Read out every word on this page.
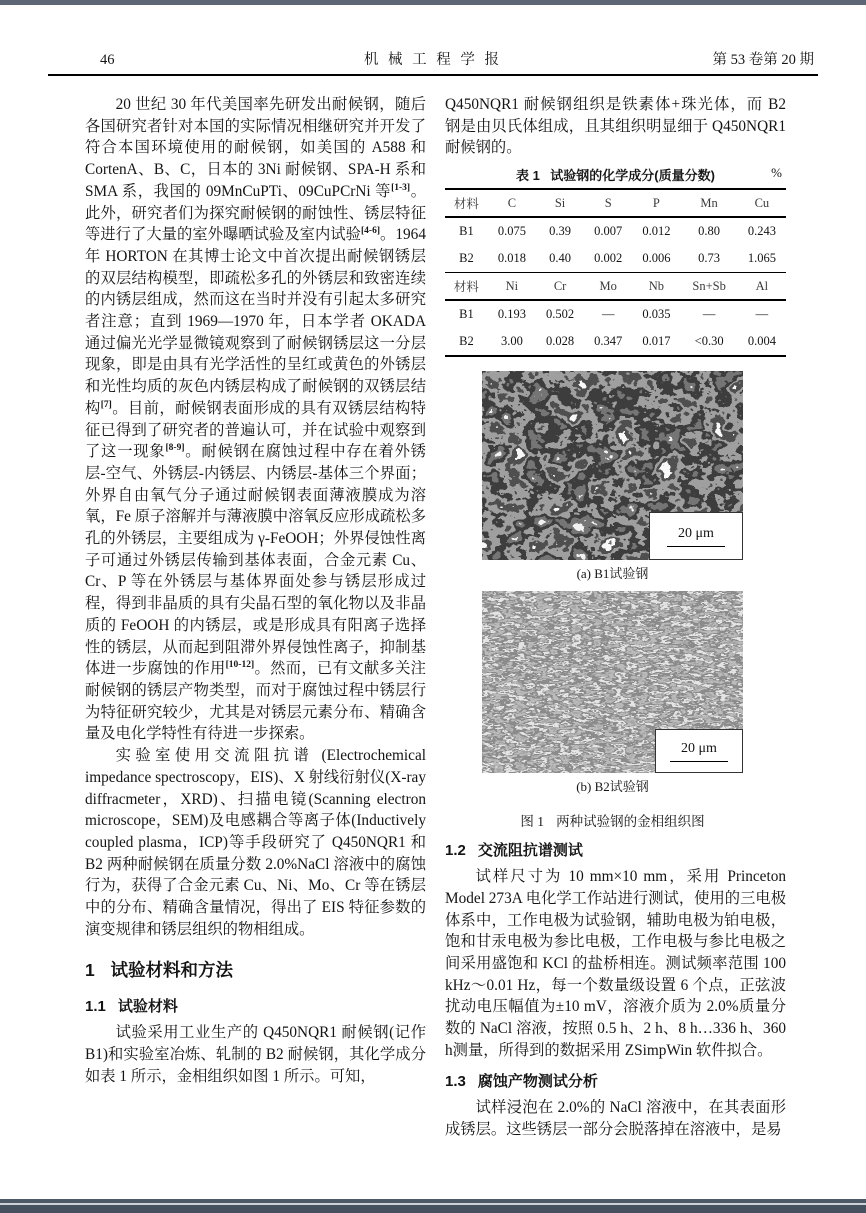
46	机 械 工 程 学 报	第 53 卷第 20 期

20 世纪 30 年代美国率先研发出耐候钢，随后各国研究者针对本国的实际情况相继研究并开发了符合本国环境使用的耐候钢，如美国的 A588 和 CortenA、B、C，日本的 3Ni 耐候钢、SPA-H 系和 SMA 系，我国的 09MnCuPTi、09CuPCrNi 等[1-3]。此外，研究者们为探究耐候钢的耐蚀性、锈层特征等进行了大量的室外曝晒试验及室内试验[4-6]。1964 年 HORTON 在其博士论文中首次提出耐候钢锈层的双层结构模型，即疏松多孔的外锈层和致密连续的内锈层组成，然而这在当时并没有引起太多研究者注意；直到 1969—1970 年，日本学者 OKADA 通过偏光光学显微镜观察到了耐候钢锈层这一分层现象，即是由具有光学活性的呈红或黄色的外锈层和光性均质的灰色内锈层构成了耐候钢的双锈层结构[7]。目前，耐候钢表面形成的具有双锈层结构特征已得到了研究者的普遍认可，并在试验中观察到了这一现象[8-9]。耐候钢在腐蚀过程中存在着外锈层-空气、外锈层-内锈层、内锈层-基体三个界面；外界自由氧气分子通过耐候钢表面薄液膜成为溶氧，Fe 原子溶解并与薄液膜中溶氧反应形成疏松多孔的外锈层，主要组成为 γ-FeOOH；外界侵蚀性离子可通过外锈层传输到基体表面，合金元素 Cu、Cr、P 等在外锈层与基体界面处参与锈层形成过程，得到非晶质的具有尖晶石型的氧化物以及非晶质的 FeOOH 的内锈层，或是形成具有阳离子选择性的锈层，从而起到阻滞外界侵蚀性离子，抑制基体进一步腐蚀的作用[10-12]。然而，已有文献多关注耐候钢的锈层产物类型，而对于腐蚀过程中锈层行为特征研究较少，尤其是对锈层元素分布、精确含量及电化学特性有待进一步探索。

实验室使用交流阻抗谱 (Electrochemical impedance spectroscopy，EIS)、X 射线衍射仪(X-ray diffracmeter，XRD)、扫描电镜(Scanning electron microscope，SEM)及电感耦合等离子体(Inductively coupled plasma，ICP)等手段研究了 Q450NQR1 和 B2 两种耐候钢在质量分数 2.0%NaCl 溶液中的腐蚀行为，获得了合金元素 Cu、Ni、Mo、Cr 等在锈层中的分布、精确含量情况，得出了 EIS 特征参数的演变规律和锈层组织的物相组成。

1 试验材料和方法
1.1 试验材料

试验采用工业生产的 Q450NQR1 耐候钢(记作 B1)和实验室冶炼、轧制的 B2 耐候钢，其化学成分如表 1 所示，金相组织如图 1 所示。可知，

Q450NQR1 耐候钢组织是铁素体+珠光体，而 B2 钢是由贝氏体组成，且其组织明显细于 Q450NQR1 耐候钢的。

表 1 试验钢的化学成分(质量分数)	%
材料	C	Si	S	P	Mn	Cu
B1	0.075	0.39	0.007	0.012	0.80	0.243
B2	0.018	0.40	0.002	0.006	0.73	1.065
材料	Ni	Cr	Mo	Nb	Sn+Sb	Al
B1	0.193	0.502	—	0.035	—	—
B2	3.00	0.028	0.347	0.017	<0.30	0.004
20 μm
(a) B1试验钢
20 μm
(b) B2试验钢
图 1 两种试验钢的金相组织图
1.2 交流阻抗谱测试

试样尺寸为 10 mm×10 mm，采用 Princeton Model 273A 电化学工作站进行测试，使用的三电极体系中，工作电极为试验钢，辅助电极为铂电极，饱和甘汞电极为参比电极，工作电极与参比电极之间采用盛饱和 KCl 的盐桥相连。测试频率范围 100 kHz～0.01 Hz，每一个数量级设置 6 个点，正弦波扰动电压幅值为±10 mV，溶液介质为 2.0%质量分数的 NaCl 溶液，按照 0.5 h、2 h、8 h…336 h、360 h测量，所得到的数据采用 ZSimpWin 软件拟合。

1.3 腐蚀产物测试分析

试样浸泡在 2.0%的 NaCl 溶液中，在其表面形成锈层。这些锈层一部分会脱落掉在溶液中，是易
